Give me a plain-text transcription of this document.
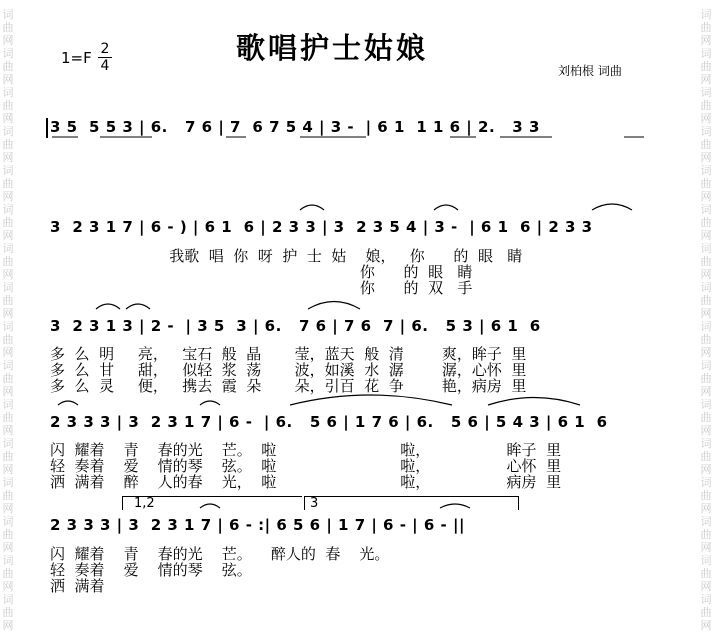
词
曲
网
词
曲
网
词
曲
网
词
曲
网
词
曲
网
词
曲
网
词
曲
网
词
曲
网
词
曲
网
词
曲
网
词
曲
网
词
曲
网
词
曲
网
词
曲
网
词
曲
网
词
曲
网
词
曲
网
词
曲
网
词
曲
网
词
曲
网
词
曲
网
词
曲
网
词
曲
网
词
曲
网
词
曲
网
词
曲
网
词
曲
网
词
曲
网
词
曲
网
词
曲
网
词
曲
网
词
曲
网
歌唱护士姑娘
1=F 2
4	刘柏根 词曲
3 5  5 5 3 | 6.   7 6 | 7  6 7 5 4 | 3 -  | 6 1  1 1 6 | 2.   3 3
3  2 3 1 7 | 6 - ) | 6 1  6 | 2 3 3 | 3  2 3 5 4 | 3 -  | 6 1  6 | 2 3 3
我歌  唱  你  呀  护  士  姑    娘，   你      的  眼   睛
你      的  眼   睛
你      的  双   手
3  2 3 1 3 | 2 -  | 3 5  3 | 6.   7 6 | 7 6  7 | 6.   5 3 | 6 1  6
多  么  明     亮，   宝石  般  晶       莹，蓝天  般  清        爽，眸子  里
多  么  甘     甜，   似轻  浆  荡       波，如溪  水  潺        潺，心怀  里
多  么  灵     便，   携去  霞  朵       朵，引百  花  争        艳，病房  里
2 3 3 3 | 3  2 3 1 7 | 6 -  | 6.   5 6 | 1 7 6 | 6.   5 6 | 5 4 3 | 6 1  6
闪  耀着    青    春的光    芒。  啦                          啦，                眸子  里
轻  奏着    爱    情的琴    弦。  啦                          啦，                心怀  里
洒  满着    醉    人的春    光，  啦                          啦，                病房  里
1,2	3
2 3 3 3 | 3  2 3 1 7 | 6 - :| 6 5 6 | 1 7 | 6 - | 6 - ||
闪  耀着    青    春的光    芒。    醉人的  春    光。
轻  奏着    爱    情的琴    弦。
洒  满着
